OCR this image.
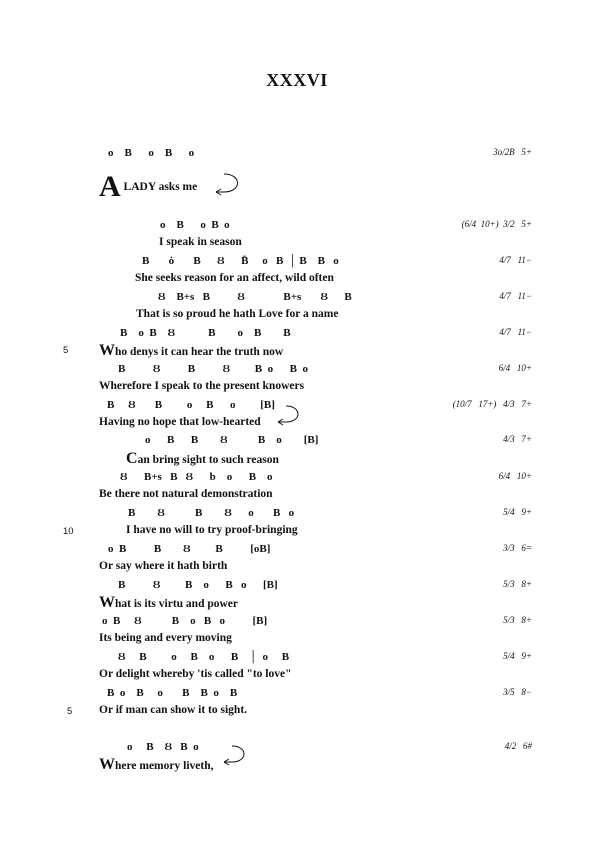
XXXVI
o    B      o    B      o	3o/2B   5+
A LADY asks me
o    B      o  B  o	(6/4  10+)  3/2   5+
I speak in season
B       ȯ       B      Ȣ      B̄     o   B  │ B    B   o	4/7   11−
She seeks reason for an affect, wild often
Ȣ    B+s   B          Ȣ              B+s       Ȣ      B	4/7   11−
That is so proud he hath Love for a name
B    o  B    Ȣ            B        o    B        B	4/7   11−
5 Who denys it can hear the truth now
B          Ȣ          B          Ȣ         B  o      B  o	6/4   10+
Wherefore I speak to the present knowers
B     Ȣ       B         o     B      o         [B]	(10/7   17+)   4/3   7+
Having no hope that low-hearted
o      B      B        Ȣ           B    o        [B]	4/3   7+
Can bring sight to such reason
Ȣ      B+s   B   Ȣ      b    o      B    o	6/4   10+
Be there not natural demonstration
B        Ȣ           B        Ȣ      o       B   o	5/4   9+
10	I have no will to try proof-bringing
o  B          B        Ȣ         B          [oB]	3/3   6=
Or say where it hath birth
B          Ȣ         B    o      B   o      [B]	5/3   8+
What is its virtu and power
o  B     Ȣ           B    o   B   o          [B]	5/3   8+
Its being and every moving
Ȣ     B         o     B    o      B    │  o     B	5/4   9+
Or delight whereby 'tis called "to love"
B  o    B     o       B    B  o    B	3/5   8−
5 Or if man can show it to sight.
o     B    Ȣ   B  o	4/2   6#
Where memory liveth,
